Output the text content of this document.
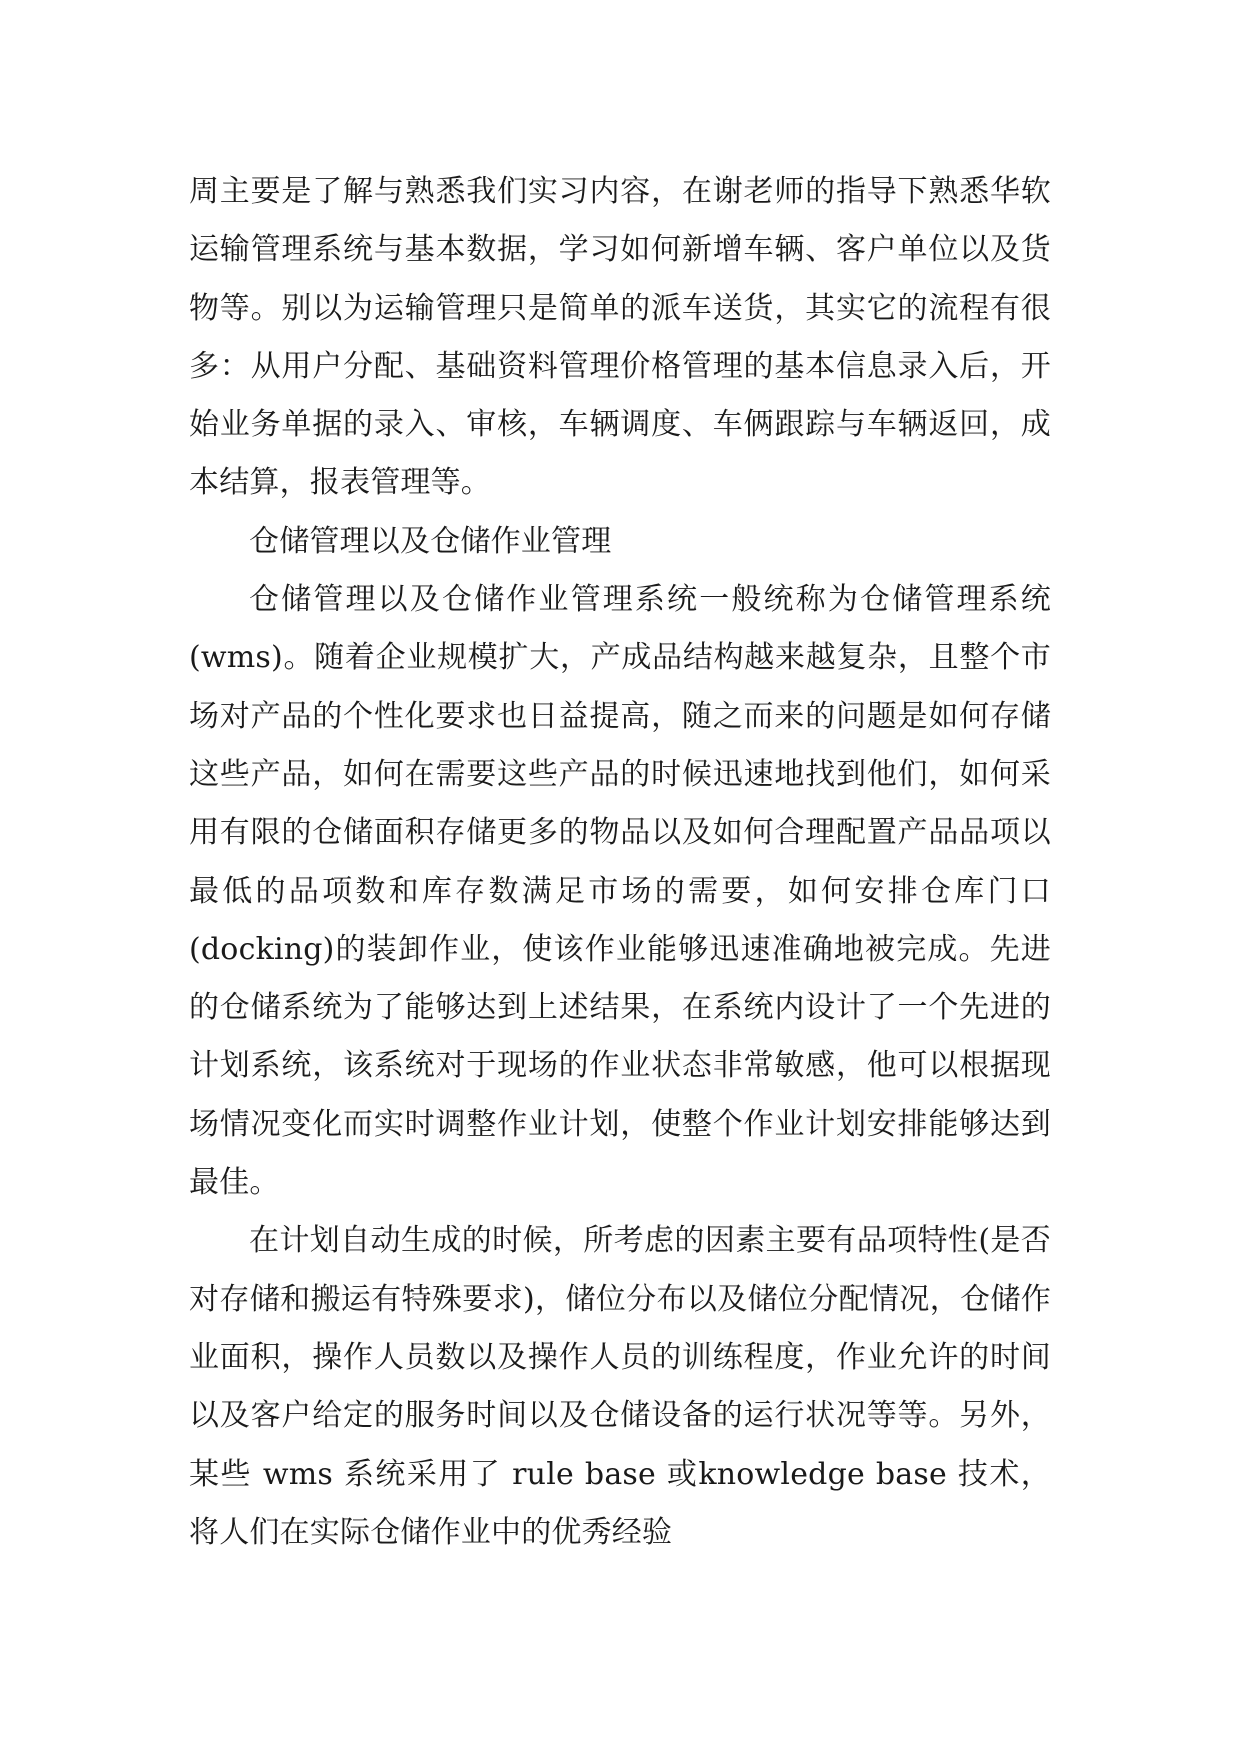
周主要是了解与熟悉我们实习内容，在谢老师的指导下熟悉华软运输管理系统与基本数据，学习如何新增车辆、客户单位以及货物等。别以为运输管理只是简单的派车送货，其实它的流程有很多：从用户分配、基础资料管理价格管理的基本信息录入后，开始业务单据的录入、审核，车辆调度、车俩跟踪与车辆返回，成本结算，报表管理等。

仓储管理以及仓储作业管理

仓储管理以及仓储作业管理系统一般统称为仓储管理系统(wms)。随着企业规模扩大，产成品结构越来越复杂，且整个市场对产品的个性化要求也日益提高，随之而来的问题是如何存储这些产品，如何在需要这些产品的时候迅速地找到他们，如何采用有限的仓储面积存储更多的物品以及如何合理配置产品品项以最低的品项数和库存数满足市场的需要，如何安排仓库门口(docking)的装卸作业，使该作业能够迅速准确地被完成。先进的仓储系统为了能够达到上述结果，在系统内设计了一个先进的计划系统，该系统对于现场的作业状态非常敏感，他可以根据现场情况变化而实时调整作业计划，使整个作业计划安排能够达到最佳。

在计划自动生成的时候，所考虑的因素主要有品项特性(是否对存储和搬运有特殊要求)，储位分布以及储位分配情况，仓储作业面积，操作人员数以及操作人员的训练程度，作业允许的时间以及客户给定的服务时间以及仓储设备的运行状况等等。另外，某些 wms 系统采用了 rule base 或knowledge base 技术，将人们在实际仓储作业中的优秀经验
